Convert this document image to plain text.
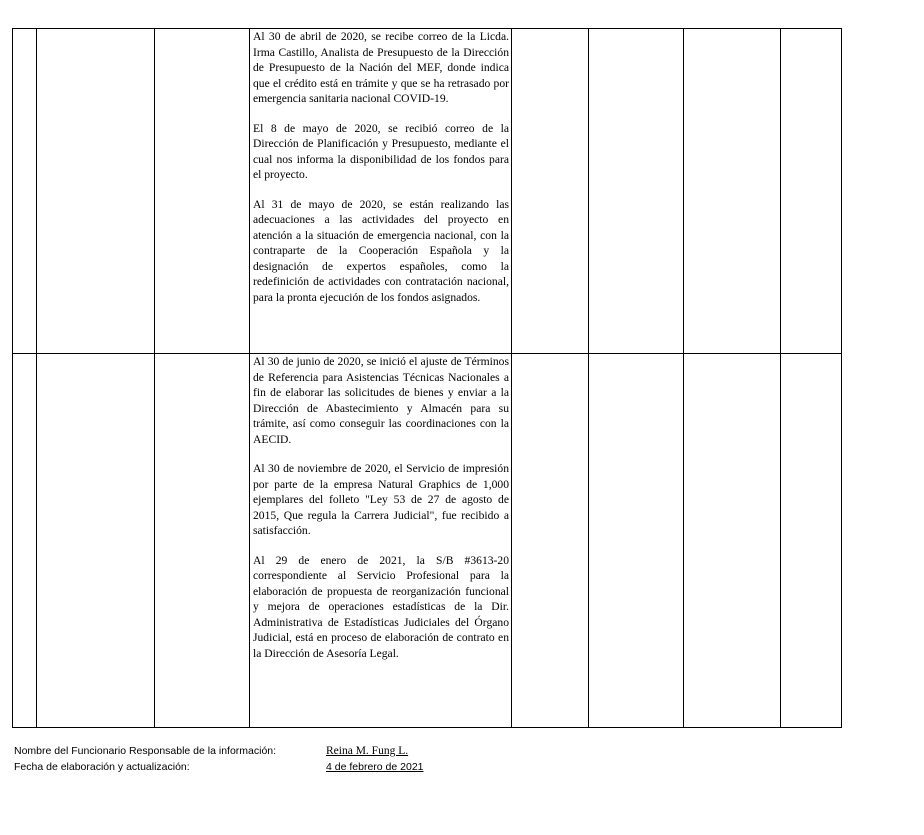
			Al 30 de abril de 2020, se recibe correo de la Licda. Irma Castillo, Analista de Presupuesto de la Dirección de Presupuesto de la Nación del MEF, donde indica que el crédito está en trámite y que se ha retrasado por emergencia sanitaria nacional COVID-19.

El 8 de mayo de 2020, se recibió correo de la Dirección de Planificación y Presupuesto, mediante el cual nos informa la disponibilidad de los fondos para el proyecto.

Al 31 de mayo de 2020, se están realizando las adecuaciones a las actividades del proyecto en atención a la situación de emergencia nacional, con la contraparte de la Cooperación Española y la designación de expertos españoles, como la redefinición de actividades con contratación nacional, para la pronta ejecución de los fondos asignados.				

			Al 30 de junio de 2020, se inició el ajuste de Términos de Referencia para Asistencias Técnicas Nacionales a fin de elaborar las solicitudes de bienes y enviar a la Dirección de Abastecimiento y Almacén para su trámite, así como conseguir las coordinaciones con la AECID.

Al 30 de noviembre de 2020, el Servicio de impresión por parte de la empresa Natural Graphics de 1,000 ejemplares del folleto "Ley 53 de 27 de agosto de 2015, Que regula la Carrera Judicial", fue recibido a satisfacción.

Al 29 de enero de 2021, la S/B #3613-20 correspondiente al Servicio Profesional para la elaboración de propuesta de reorganización funcional y mejora de operaciones estadísticas de la Dir. Administrativa de Estadísticas Judiciales del Órgano Judicial, está en proceso de elaboración de contrato en la Dirección de Asesoría Legal.				

Nombre del Funcionario Responsable de la información:	Reina M. Fung L.
Fecha de elaboración y actualización:	4 de febrero de 2021
